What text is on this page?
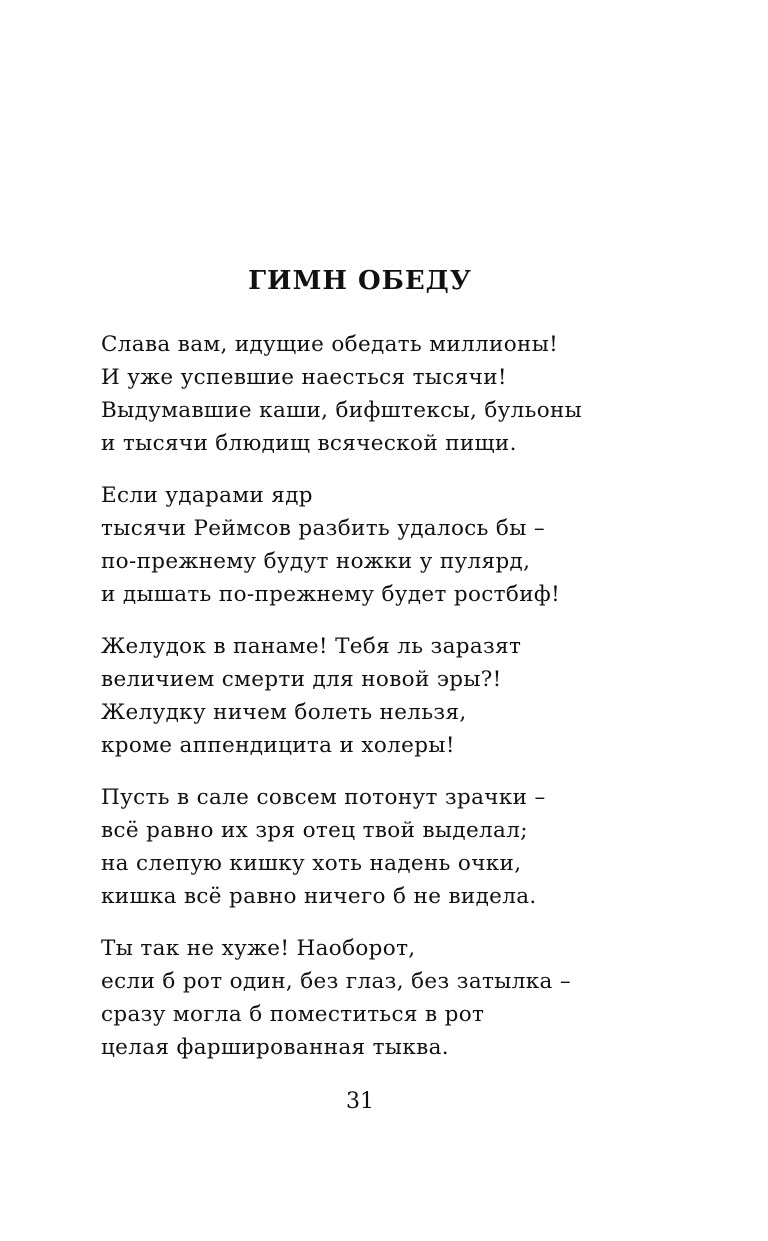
ГИМН ОБЕДУ
Слава вам, идущие обедать миллионы!
И уже успевшие наесться тысячи!
Выдумавшие каши, бифштексы, бульоны
и тысячи блюдищ всяческой пищи.
Если ударами ядр
тысячи Реймсов разбить удалось бы –
по-прежнему будут ножки у пулярд,
и дышать по-прежнему будет ростбиф!
Желудок в панаме! Тебя ль заразят
величием смерти для новой эры?!
Желудку ничем болеть нельзя,
кроме аппендицита и холеры!
Пусть в сале совсем потонут зрачки –
всё равно их зря отец твой выделал;
на слепую кишку хоть надень очки,
кишка всё равно ничего б не видела.
Ты так не хуже! Наоборот,
если б рот один, без глаз, без затылка –
сразу могла б поместиться в рот
целая фаршированная тыква.
31
